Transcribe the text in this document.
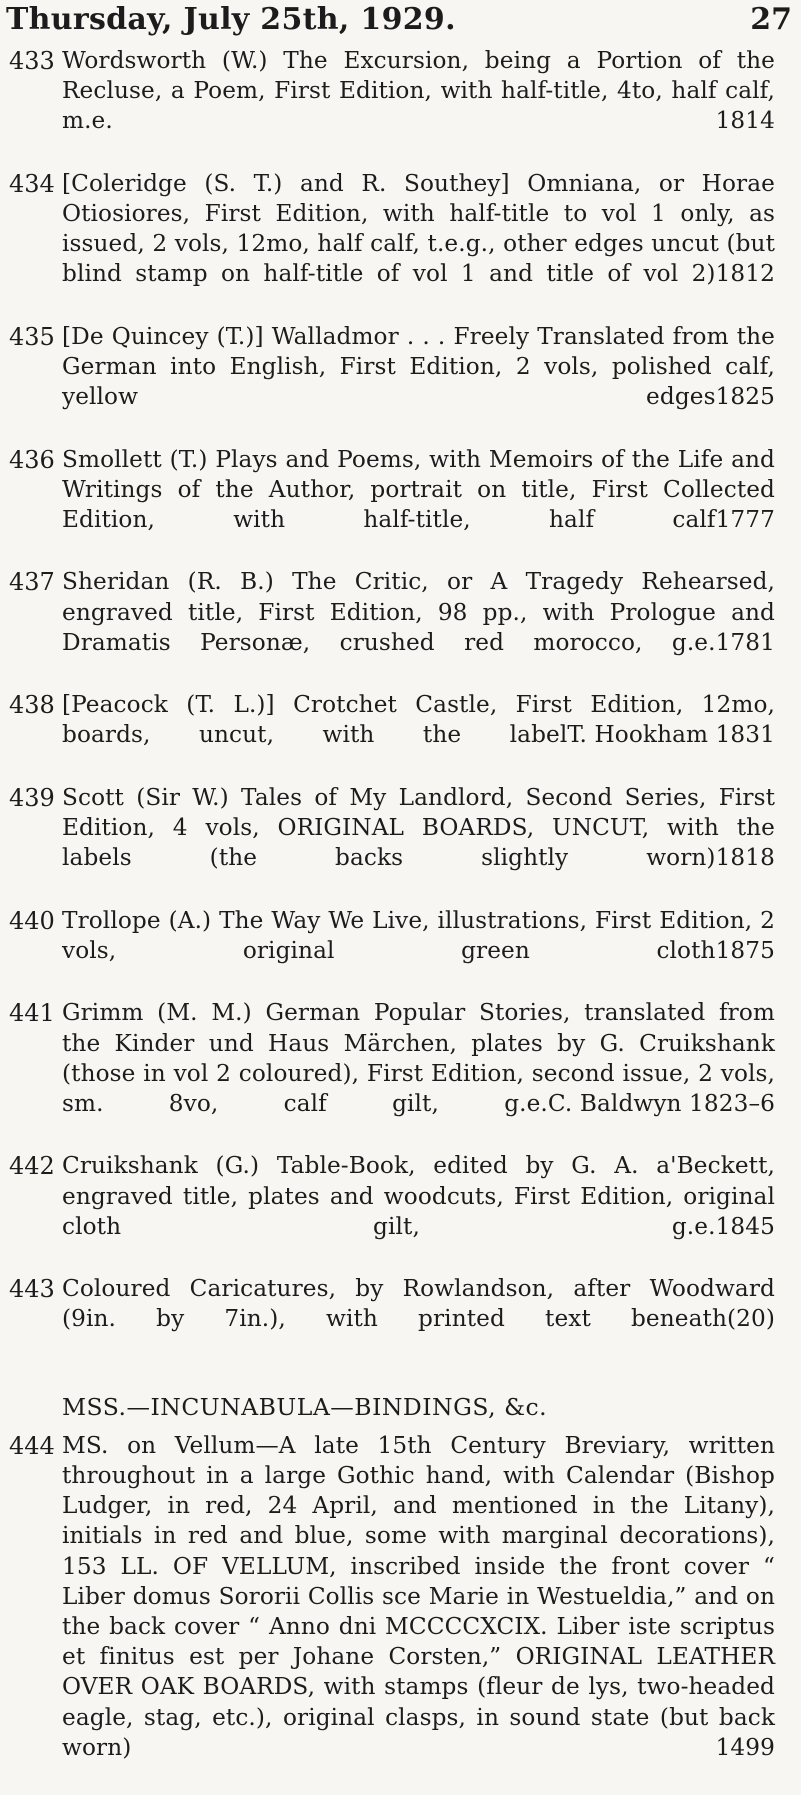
Thursday, July 25th, 1929.	27
433 Wordsworth (W.) The Excursion, being a Portion of the Recluse, a Poem, First Edition, with half-title, 4to, half calf, m.e.	1814
434 [Coleridge (S. T.) and R. Southey] Omniana, or Horae Otiosiores, First Edition, with half-title to vol 1 only, as issued, 2 vols, 12mo, half calf, t.e.g., other edges uncut (but blind stamp on half-title of vol 1 and title of vol 2) 1812
435 [De Quincey (T.)] Walladmor . . . Freely Translated from the German into English, First Edition, 2 vols, polished calf, yellow edges 1825
436 Smollett (T.) Plays and Poems, with Memoirs of the Life and Writings of the Author, portrait on title, First Collected Edition, with half-title, half calf 1777
437 Sheridan (R. B.) The Critic, or A Tragedy Rehearsed, engraved title, First Edition, 98 pp., with Prologue and Dramatis Personæ, crushed red morocco, g.e. 1781
438 [Peacock (T. L.)] Crotchet Castle, First Edition, 12mo, boards, uncut, with the label T. Hookham 1831
439 Scott (Sir W.) Tales of My Landlord, Second Series, First Edition, 4 vols, ORIGINAL BOARDS, UNCUT, with the labels (the backs slightly worn) 1818
440 Trollope (A.) The Way We Live, illustrations, First Edition, 2 vols, original green cloth 1875
441 Grimm (M. M.) German Popular Stories, translated from the Kinder und Haus Märchen, plates by G. Cruikshank (those in vol 2 coloured), First Edition, second issue, 2 vols, sm. 8vo, calf gilt, g.e. C. Baldwyn 1823–6
442 Cruikshank (G.) Table-Book, edited by G. A. a'Beckett, engraved title, plates and woodcuts, First Edition, original cloth gilt, g.e. 1845
443 Coloured Caricatures, by Rowlandson, after Woodward (9in. by 7in.), with printed text beneath (20)
MSS.—INCUNABULA—BINDINGS, &c.
444 MS. on Vellum—A late 15th Century Breviary, written throughout in a large Gothic hand, with Calendar (Bishop Ludger, in red, 24 April, and mentioned in the Litany), initials in red and blue, some with marginal decorations), 153 LL. OF VELLUM, inscribed inside the front cover “ Liber domus Sororii Collis sce Marie in Westueldia,” and on the back cover “ Anno dni MCCCCXCIX. Liber iste scriptus et finitus est per Johane Corsten,” ORIGINAL LEATHER OVER OAK BOARDS, with stamps (fleur de lys, two-headed eagle, stag, etc.), original clasps, in sound state (but back worn)	1499
